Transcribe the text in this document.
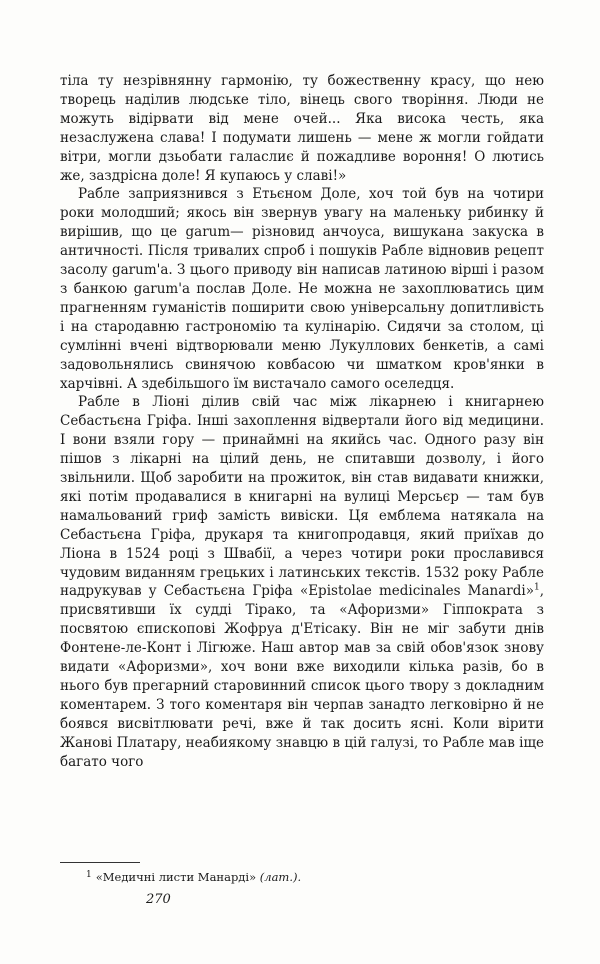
тіла ту незрівнянну гармонію, ту божественну красу, що нею творець наділив людське тіло, вінець свого творіння. Люди не можуть відірвати від мене очей... Яка висока честь, яка незаслужена слава! І подумати лишень — мене ж могли гойдати вітри, могли дзьобати галаслиє й пожадливе вороння! О лютись же, заздрісна доле! Я купаюсь у славі!»

Рабле заприязнився з Етьєном Доле, хоч той був на чотири роки молодший; якось він звернув увагу на маленьку рибинку й вирішив, що це garum— різновид анчоуса, вишукана закуска в античності. Після тривалих спроб і пошуків Рабле відновив рецепт засолу garum'а. З цього приводу він написав латиною вірші і разом з банкою garum'а послав Доле. Не можна не захоплюватись цим прагненням гуманістів поширити свою універсальну допитливість і на стародавню гастрономію та кулінарію. Сидячи за столом, ці сумлінні вчені відтворювали меню Лукуллових бенкетів, а самі задовольнялись свинячою ковбасою чи шматком кров'янки в харчівні. А здебільшого їм вистачало самого оселедця.

Рабле в Ліоні ділив свій час між лікарнею і книгарнею Себастьєна Гріфа. Інші захоплення відвертали його від медицини. І вони взяли гору — принаймні на якийсь час. Одного разу він пішов з лікарні на цілий день, не спитавши дозволу, і його звільнили. Щоб заробити на прожиток, він став видавати книжки, які потім продавалися в книгарні на вулиці Мерсьєр — там був намальований гриф замість вивіски. Ця емблема натякала на Себастьєна Гріфа, друкаря та книгопродавця, який приїхав до Ліона в 1524 році з Швабії, а через чотири роки прославився чудовим виданням грецьких і латинських текстів. 1532 року Рабле надрукував у Себастьєна Гріфа «Epistolae medicinales Manardi»$^1$, присвятивши їх судді Тіракo, та «Афоризми» Гіппократа з посвятою єпископові Жофруа д'Етісаку. Він не міг забути днів Фонтене-ле-Конт і Лігюже. Наш автор мав за свій обов'язок знову видати «Афоризми», хоч вони вже виходили кілька разів, бо в нього був прегарний старовинний список цього твору з докладним коментарем. З того коментаря він черпав занадто легковірно й не боявся висвітлювати речі, вже й так досить ясні. Коли вірити Жанові Платару, неабиякому знавцю в цій галузі, то Рабле мав іще багато чого

$^1$ «Медичні листи Манарді» (лат.).
270
